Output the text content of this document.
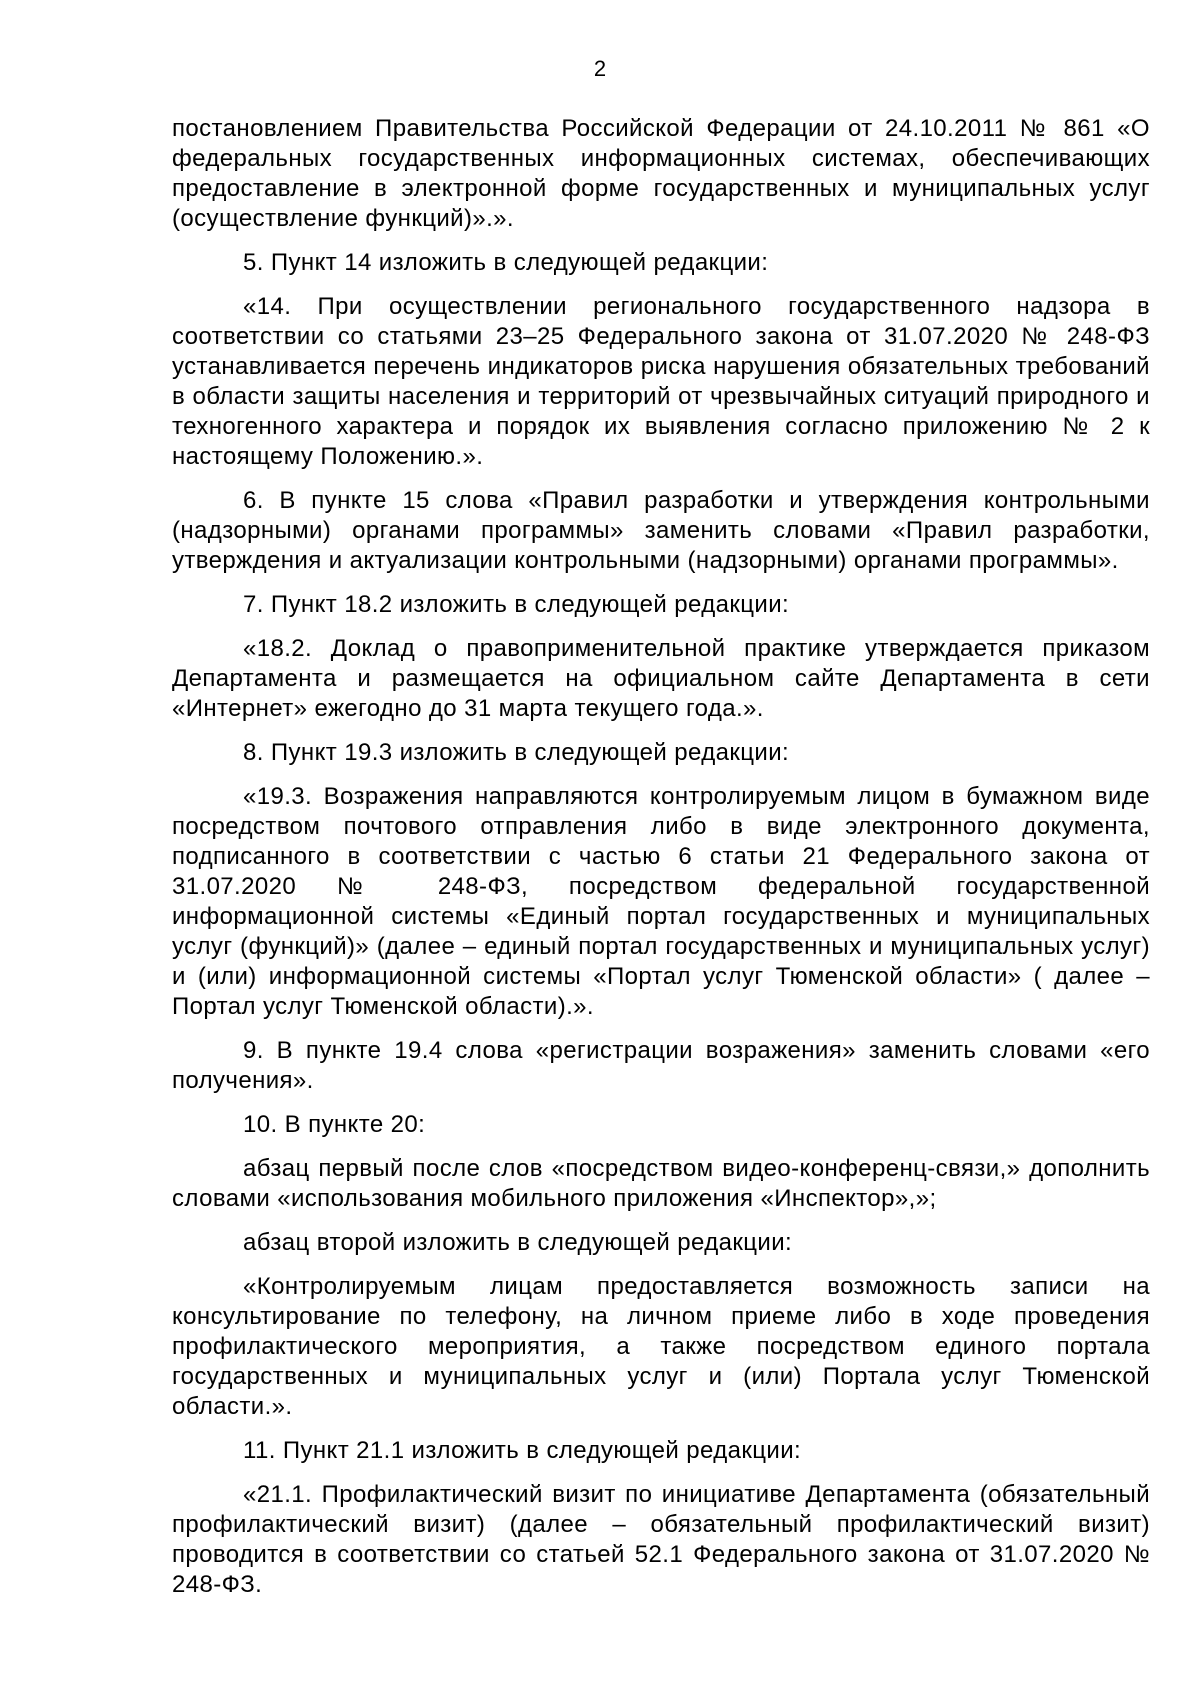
2

постановлением Правительства Российской Федерации от 24.10.2011 № 861 «О федеральных государственных информационных системах, обеспечивающих предоставление в электронной форме государственных и муниципальных услуг (осуществление функций)».».

5. Пункт 14 изложить в следующей редакции:

«14. При осуществлении регионального государственного надзора в соответствии со статьями 23–25 Федерального закона от 31.07.2020 № 248-ФЗ устанавливается перечень индикаторов риска нарушения обязательных требований в области защиты населения и территорий от чрезвычайных ситуаций природного и техногенного характера и порядок их выявления согласно приложению № 2 к настоящему Положению.».

6. В пункте 15 слова «Правил разработки и утверждения контрольными (надзорными) органами программы» заменить словами «Правил разработки, утверждения и актуализации контрольными (надзорными) органами программы».

7. Пункт 18.2 изложить в следующей редакции:

«18.2. Доклад о правоприменительной практике утверждается приказом Департамента и размещается на официальном сайте Департамента в сети «Интернет» ежегодно до 31 марта текущего года.».

8. Пункт 19.3 изложить в следующей редакции:

«19.3. Возражения направляются контролируемым лицом в бумажном виде посредством почтового отправления либо в виде электронного документа, подписанного в соответствии с частью 6 статьи 21 Федерального закона от 31.07.2020 № 248-ФЗ, посредством федеральной государственной информационной системы «Единый портал государственных и муниципальных услуг (функций)» (далее – единый портал государственных и муниципальных услуг) и (или) информационной системы «Портал услуг Тюменской области» ( далее – Портал услуг Тюменской области).».

9. В пункте 19.4 слова «регистрации возражения» заменить словами «его получения».

10. В пункте 20:

абзац первый после слов «посредством видео-конференц-связи,» дополнить словами «использования мобильного приложения «Инспектор»,»;

абзац второй изложить в следующей редакции:

«Контролируемым лицам предоставляется возможность записи на консультирование по телефону, на личном приеме либо в ходе проведения профилактического мероприятия, а также посредством единого портала государственных и муниципальных услуг и (или) Портала услуг Тюменской области.».

11. Пункт 21.1 изложить в следующей редакции:

«21.1. Профилактический визит по инициативе Департамента (обязательный профилактический визит) (далее – обязательный профилактический визит) проводится в соответствии со статьей 52.1 Федерального закона от 31.07.2020 № 248-ФЗ.
